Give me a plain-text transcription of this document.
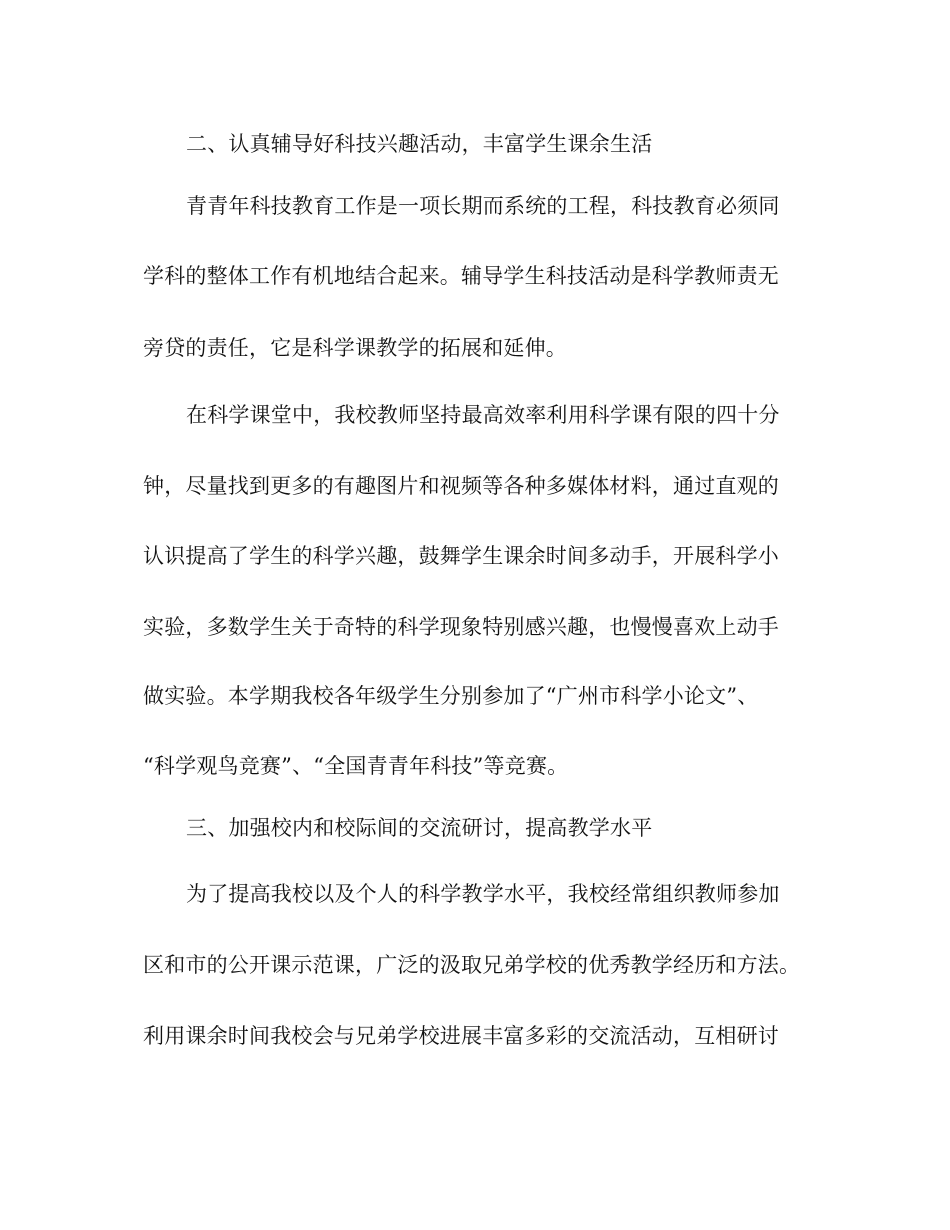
二、认真辅导好科技兴趣活动，丰富学生课余生活
青青年科技教育工作是一项长期而系统的工程，科技教育必须同
学科的整体工作有机地结合起来。辅导学生科技活动是科学教师责无
旁贷的责任，它是科学课教学的拓展和延伸。
在科学课堂中，我校教师坚持最高效率利用科学课有限的四十分
钟，尽量找到更多的有趣图片和视频等各种多媒体材料，通过直观的
认识提高了学生的科学兴趣，鼓舞学生课余时间多动手，开展科学小
实验，多数学生关于奇特的科学现象特别感兴趣，也慢慢喜欢上动手
做实验。本学期我校各年级学生分别参加了“广州市科学小论文”、
“科学观鸟竞赛”、“全国青青年科技”等竞赛。
三、加强校内和校际间的交流研讨，提高教学水平
为了提高我校以及个人的科学教学水平，我校经常组织教师参加
区和市的公开课示范课，广泛的汲取兄弟学校的优秀教学经历和方法。
利用课余时间我校会与兄弟学校进展丰富多彩的交流活动，互相研讨
